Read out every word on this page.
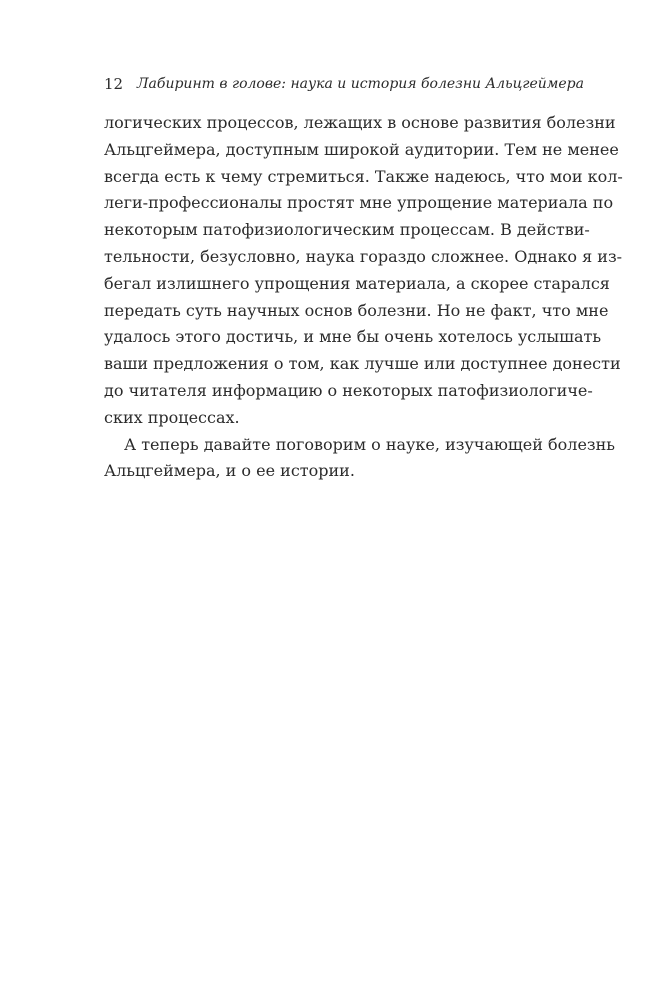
12 Лабиринт в голове: наука и история болезни Альцгеймера
логических процессов, лежащих в основе развития болезни
Альцгеймера, доступным широкой аудитории. Тем не менее
всегда есть к чему стремиться. Также надеюсь, что мои кол-
леги-профессионалы простят мне упрощение материала по
некоторым патофизиологическим процессам. В действи-
тельности, безусловно, наука гораздо сложнее. Однако я из-
бегал излишнего упрощения материала, а скорее старался
передать суть научных основ болезни. Но не факт, что мне
удалось этого достичь, и мне бы очень хотелось услышать
ваши предложения о том, как лучше или доступнее донести
до читателя информацию о некоторых патофизиологиче-
ских процессах.
А теперь давайте поговорим о науке, изучающей болезнь
Альцгеймера, и о ее истории.
